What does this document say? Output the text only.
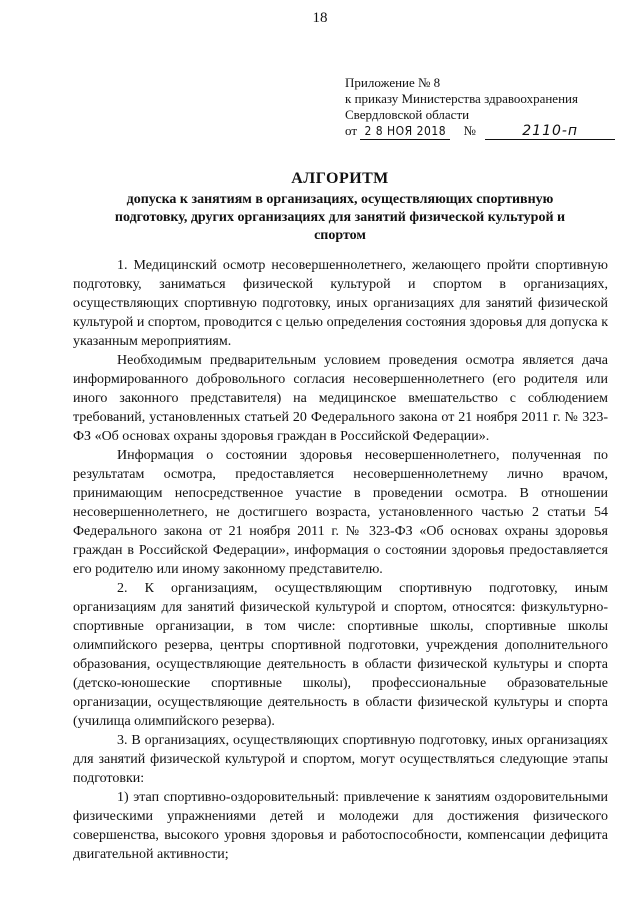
18
Приложение № 8
к приказу Министерства здравоохранения
Свердловской области
от 2 8 НОЯ 2018 №	2110-п
АЛГОРИТМ
допуска к занятиям в организациях, осуществляющих спортивную подготовку, других организациях для занятий физической культурой и спортом

1. Медицинский осмотр несовершеннолетнего, желающего пройти спортивную подготовку, заниматься физической культурой и спортом в организациях, осуществляющих спортивную подготовку, иных организациях для занятий физической культурой и спортом, проводится с целью определения состояния здоровья для допуска к указанным мероприятиям.

Необходимым предварительным условием проведения осмотра является дача информированного добровольного согласия несовершеннолетнего (его родителя или иного законного представителя) на медицинское вмешательство с соблюдением требований, установленных статьей 20 Федерального закона от 21 ноября 2011 г. № 323-ФЗ «Об основах охраны здоровья граждан в Российской Федерации».

Информация о состоянии здоровья несовершеннолетнего, полученная по результатам осмотра, предоставляется несовершеннолетнему лично врачом, принимающим непосредственное участие в проведении осмотра. В отношении несовершеннолетнего, не достигшего возраста, установленного частью 2 статьи 54 Федерального закона от 21 ноября 2011 г. № 323-ФЗ «Об основах охраны здоровья граждан в Российской Федерации», информация о состоянии здоровья предоставляется его родителю или иному законному представителю.

2. К организациям, осуществляющим спортивную подготовку, иным организациям для занятий физической культурой и спортом, относятся: физкультурно-спортивные организации, в том числе: спортивные школы, спортивные школы олимпийского резерва, центры спортивной подготовки, учреждения дополнительного образования, осуществляющие деятельность в области физической культуры и спорта (детско-юношеские спортивные школы), профессиональные образовательные организации, осуществляющие деятельность в области физической культуры и спорта (училища олимпийского резерва).

3. В организациях, осуществляющих спортивную подготовку, иных организациях для занятий физической культурой и спортом, могут осуществляться следующие этапы подготовки:

1) этап спортивно-оздоровительный: привлечение к занятиям оздоровительными физическими упражнениями детей и молодежи для достижения физического совершенства, высокого уровня здоровья и работоспособности, компенсации дефицита двигательной активности;
